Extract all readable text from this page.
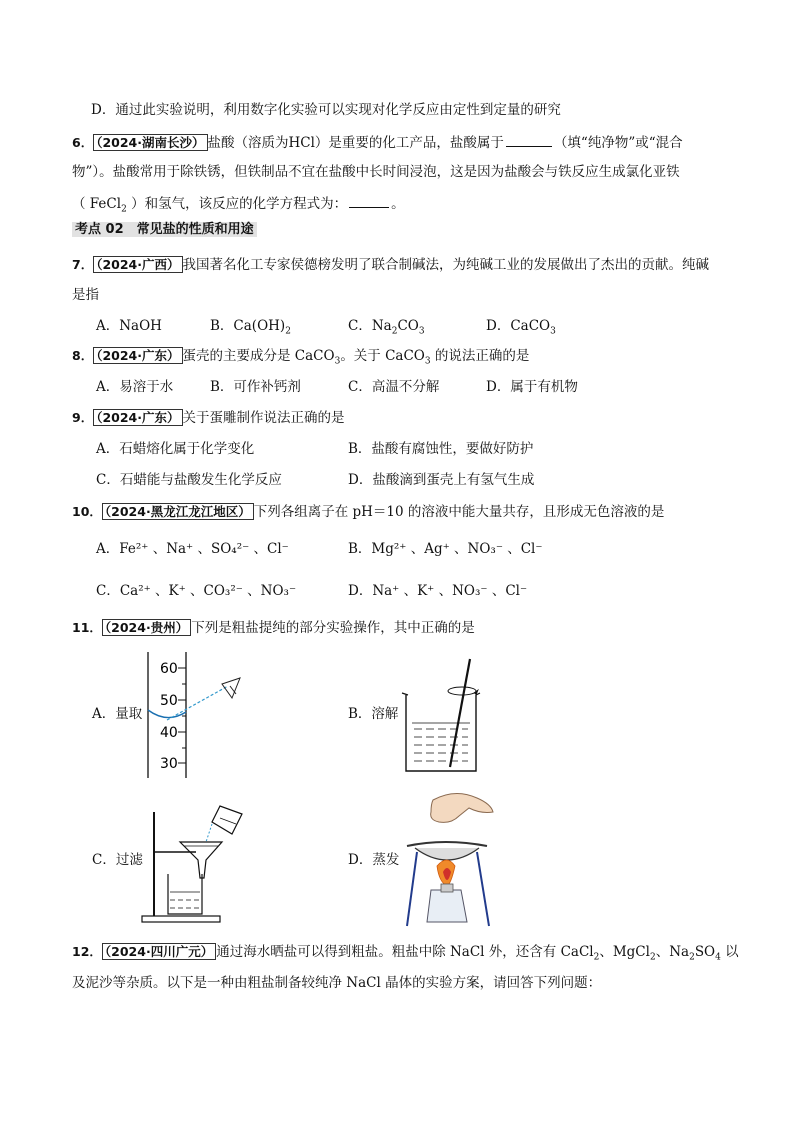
D．通过此实验说明，利用数字化实验可以实现对化学反应由定性到定量的研究
6． （2024·湖南长沙） 盐酸（溶质为HCl）是重要的化工产品，盐酸属于	（填“纯净物”或“混合
物”）。盐酸常用于除铁锈，但铁制品不宜在盐酸中长时间浸泡，这是因为盐酸会与铁反应生成氯化亚铁
（ FeCl$_2$ ）和氢气，该反应的化学方程式为：	。
考点 02　常见盐的性质和用途
7． （2024·广西） 我国著名化工专家侯德榜发明了联合制碱法，为纯碱工业的发展做出了杰出的贡献。纯碱
是指
A．NaOH	B．$Ca(OH)_2$	C．$Na_2CO_3$	D．CaCO$_3$
8． （2024·广东） 蛋壳的主要成分是 CaCO$_3$。关于 CaCO$_3$ 的说法正确的是
A．易溶于水	B．可作补钙剂	C．高温不分解	D．属于有机物
9． （2024·广东） 关于蛋雕制作说法正确的是
A．石蜡熔化属于化学变化	B．盐酸有腐蚀性，要做好防护
C．石蜡能与盐酸发生化学反应	D．盐酸滴到蛋壳上有氢气生成
10． （2024·黑龙江龙江地区） 下列各组离子在 pH＝10 的溶液中能大量共存，且形成无色溶液的是
A．Fe²⁺ 、Na⁺ 、SO₄²⁻ 、Cl⁻	B．Mg²⁺ 、Ag⁺ 、NO₃⁻ 、Cl⁻
C．Ca²⁺ 、K⁺ 、CO₃²⁻ 、NO₃⁻	D．Na⁺ 、K⁺ 、NO₃⁻ 、Cl⁻
11． （2024·贵州） 下列是粗盐提纯的部分实验操作，其中正确的是
A．量取	B．溶解
C．过滤	D．蒸发
60
50
40
30
12． （2024·四川广元） 通过海水晒盐可以得到粗盐。粗盐中除 NaCl 外，还含有 CaCl$_2$、MgCl$_2$、$Na_2SO_4$ 以
及泥沙等杂质。以下是一种由粗盐制备较纯净 NaCl 晶体的实验方案，请回答下列问题：
